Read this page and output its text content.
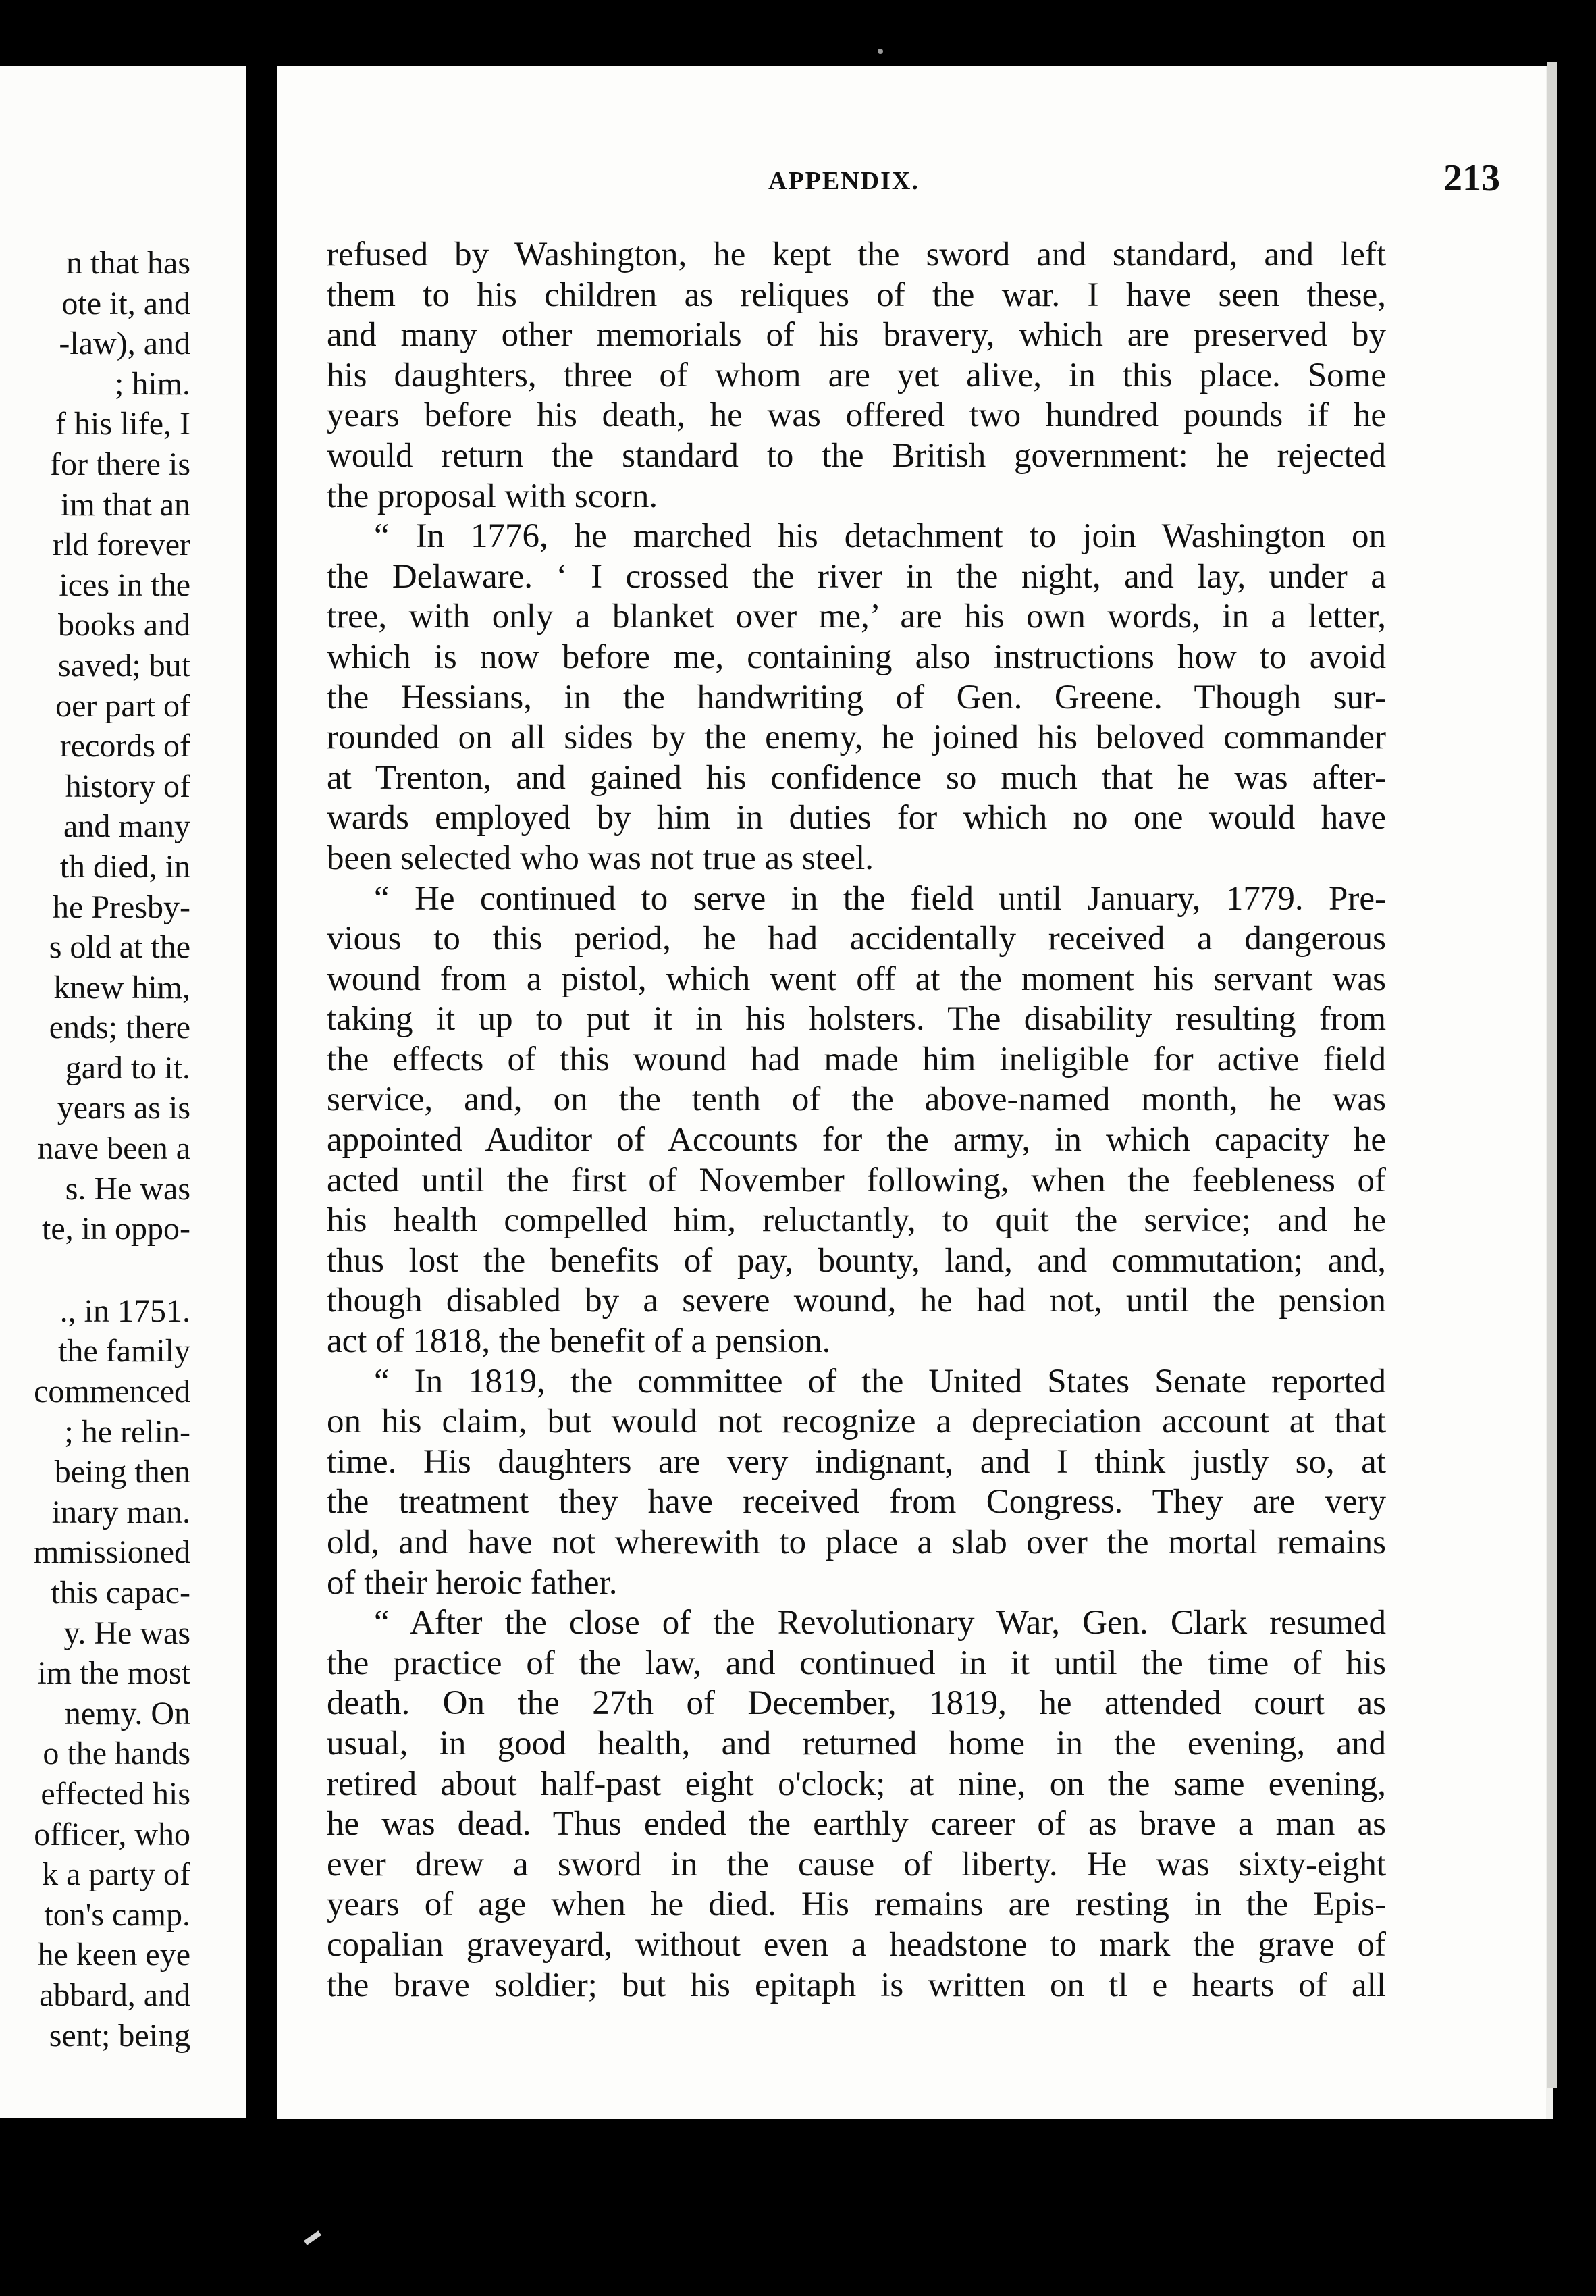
n that has
ote it, and
-law), and
; him.
f his life, I
for there is
im that an
rld forever
ices in the
books and
saved; but
oer part of
records of
history of
and many
th died, in
he Presby-
s old at the
knew him,
ends; there
gard to it.
years as is
nave been a
s. He was
te, in oppo-
., in 1751.
the family
commenced
; he relin-
being then
inary man.
mmissioned
this capac-
y. He was
im the most
nemy. On
o the hands
effected his
officer, who
k a party of
ton's camp.
he keen eye
abbard, and
sent; being
APPENDIX.	213
refused by Washington, he kept the sword and standard, and left
them to his children as reliques of the war. I have seen these,
and many other memorials of his bravery, which are preserved by
his daughters, three of whom are yet alive, in this place. Some
years before his death, he was offered two hundred pounds if he
would return the standard to the British government: he rejected
the proposal with scorn.
“ In 1776, he marched his detachment to join Washington on
the Delaware. ‘ I crossed the river in the night, and lay, under a
tree, with only a blanket over me,’ are his own words, in a letter,
which is now before me, containing also instructions how to avoid
the Hessians, in the handwriting of Gen. Greene. Though sur-
rounded on all sides by the enemy, he joined his beloved commander
at Trenton, and gained his confidence so much that he was after-
wards employed by him in duties for which no one would have
been selected who was not true as steel.
“ He continued to serve in the field until January, 1779. Pre-
vious to this period, he had accidentally received a dangerous
wound from a pistol, which went off at the moment his servant was
taking it up to put it in his holsters. The disability resulting from
the effects of this wound had made him ineligible for active field
service, and, on the tenth of the above-named month, he was
appointed Auditor of Accounts for the army, in which capacity he
acted until the first of November following, when the feebleness of
his health compelled him, reluctantly, to quit the service; and he
thus lost the benefits of pay, bounty, land, and commutation; and,
though disabled by a severe wound, he had not, until the pension
act of 1818, the benefit of a pension.
“ In 1819, the committee of the United States Senate reported
on his claim, but would not recognize a depreciation account at that
time. His daughters are very indignant, and I think justly so, at
the treatment they have received from Congress. They are very
old, and have not wherewith to place a slab over the mortal remains
of their heroic father.
“ After the close of the Revolutionary War, Gen. Clark resumed
the practice of the law, and continued in it until the time of his
death. On the 27th of December, 1819, he attended court as
usual, in good health, and returned home in the evening, and
retired about half-past eight o'clock; at nine, on the same evening,
he was dead. Thus ended the earthly career of as brave a man as
ever drew a sword in the cause of liberty. He was sixty-eight
years of age when he died. His remains are resting in the Epis-
copalian graveyard, without even a headstone to mark the grave of
the brave soldier; but his epitaph is written on tl e hearts of all
